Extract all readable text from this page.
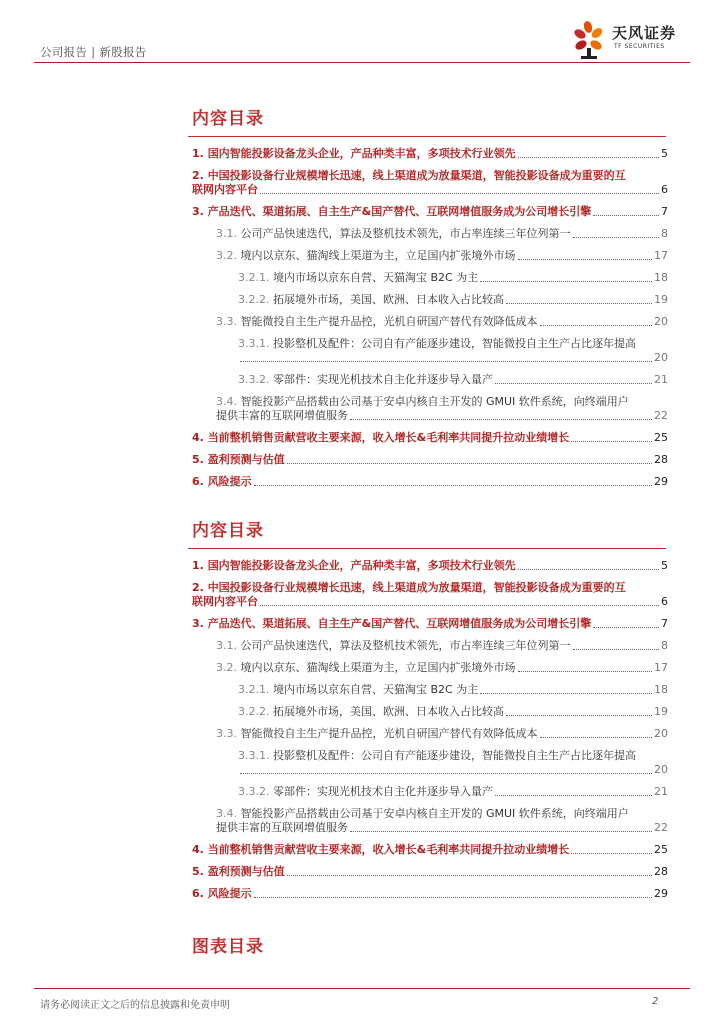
公司报告 | 新股报告
天风证券
TF SECURITIES
内容目录
1. 国内智能投影设备龙头企业，产品种类丰富，多项技术行业领先	5
2. 中国投影设备行业规模增长迅速，线上渠道成为放量渠道，智能投影设备成为重要的互
联网内容平台	6
3. 产品迭代、渠道拓展、自主生产&国产替代、互联网增值服务成为公司增长引擎	7
3.1. 公司产品快速迭代，算法及整机技术领先，市占率连续三年位列第一	8
3.2. 境内以京东、猫淘线上渠道为主，立足国内扩张境外市场	17
3.2.1. 境内市场以京东自营、天猫淘宝 B2C 为主	18
3.2.2. 拓展境外市场，美国、欧洲、日本收入占比较高	19
3.3. 智能微投自主生产提升品控，光机自研国产替代有效降低成本	20
3.3.1. 投影整机及配件：公司自有产能逐步建设，智能微投自主生产占比逐年提高
20
3.3.2. 零部件：实现光机技术自主化并逐步导入量产	21
3.4. 智能投影产品搭载由公司基于安卓内核自主开发的 GMUI 软件系统，向终端用户
提供丰富的互联网增值服务	22
4. 当前整机销售贡献营收主要来源，收入增长&毛利率共同提升拉动业绩增长	25
5. 盈利预测与估值	28
6. 风险提示	29
内容目录
1. 国内智能投影设备龙头企业，产品种类丰富，多项技术行业领先	5
2. 中国投影设备行业规模增长迅速，线上渠道成为放量渠道，智能投影设备成为重要的互
联网内容平台	6
3. 产品迭代、渠道拓展、自主生产&国产替代、互联网增值服务成为公司增长引擎	7
3.1. 公司产品快速迭代，算法及整机技术领先，市占率连续三年位列第一	8
3.2. 境内以京东、猫淘线上渠道为主，立足国内扩张境外市场	17
3.2.1. 境内市场以京东自营、天猫淘宝 B2C 为主	18
3.2.2. 拓展境外市场，美国、欧洲、日本收入占比较高	19
3.3. 智能微投自主生产提升品控，光机自研国产替代有效降低成本	20
3.3.1. 投影整机及配件：公司自有产能逐步建设，智能微投自主生产占比逐年提高
20
3.3.2. 零部件：实现光机技术自主化并逐步导入量产	21
3.4. 智能投影产品搭载由公司基于安卓内核自主开发的 GMUI 软件系统，向终端用户
提供丰富的互联网增值服务	22
4. 当前整机销售贡献营收主要来源，收入增长&毛利率共同提升拉动业绩增长	25
5. 盈利预测与估值	28
6. 风险提示	29
图表目录
请务必阅读正文之后的信息披露和免责申明	2
